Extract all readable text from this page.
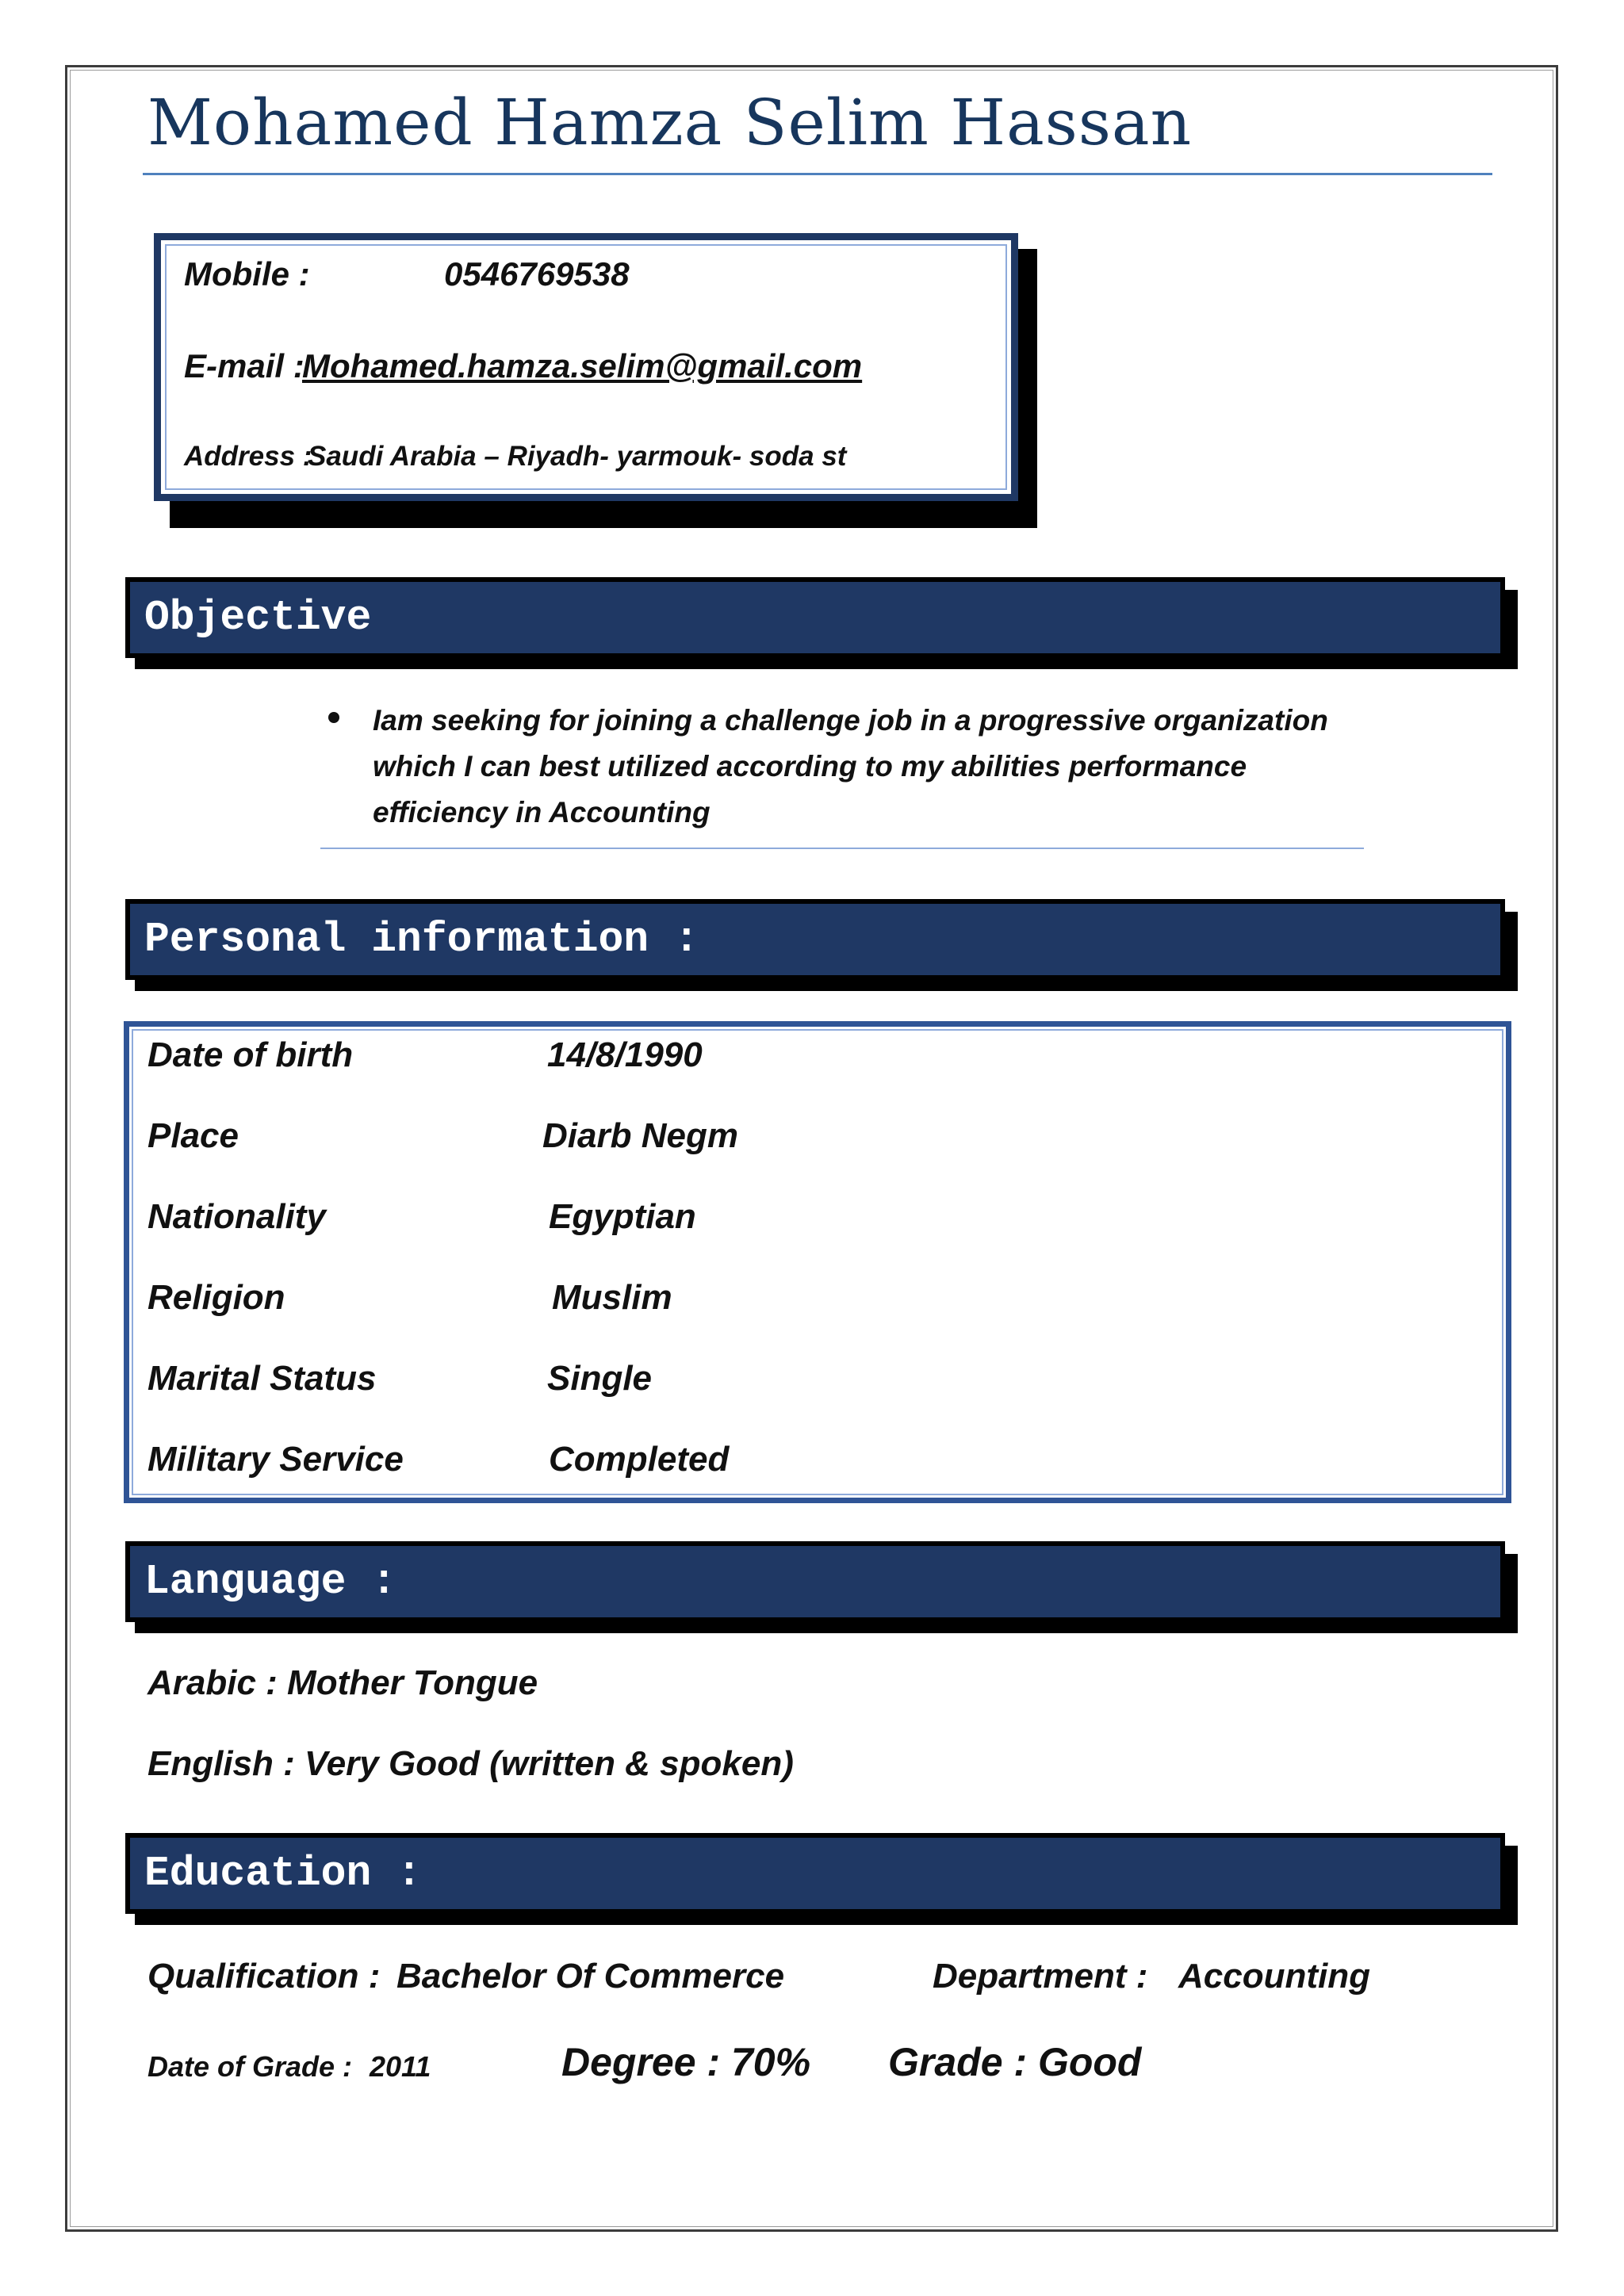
Mohamed Hamza Selim Hassan
Mobile :	0546769538
E-mail :
Mohamed.hamza.selim@gmail.com
Address :
Saudi Arabia – Riyadh- yarmouk- soda st
Objective
Iam seeking for joining a challenge job in a progressive organization which I can best utilized according to my abilities performance efficiency in Accounting
Personal information :
Date of birth	14/8/1990
Place	Diarb Negm
Nationality	Egyptian
Religion	Muslim
Marital Status	Single
Military Service	Completed
Language :
Arabic : Mother Tongue
English : Very Good (written & spoken)
Education :
Qualification : Bachelor Of Commerce	Department : Accounting
Date of Grade : 2011	Degree : 70% Grade : Good
